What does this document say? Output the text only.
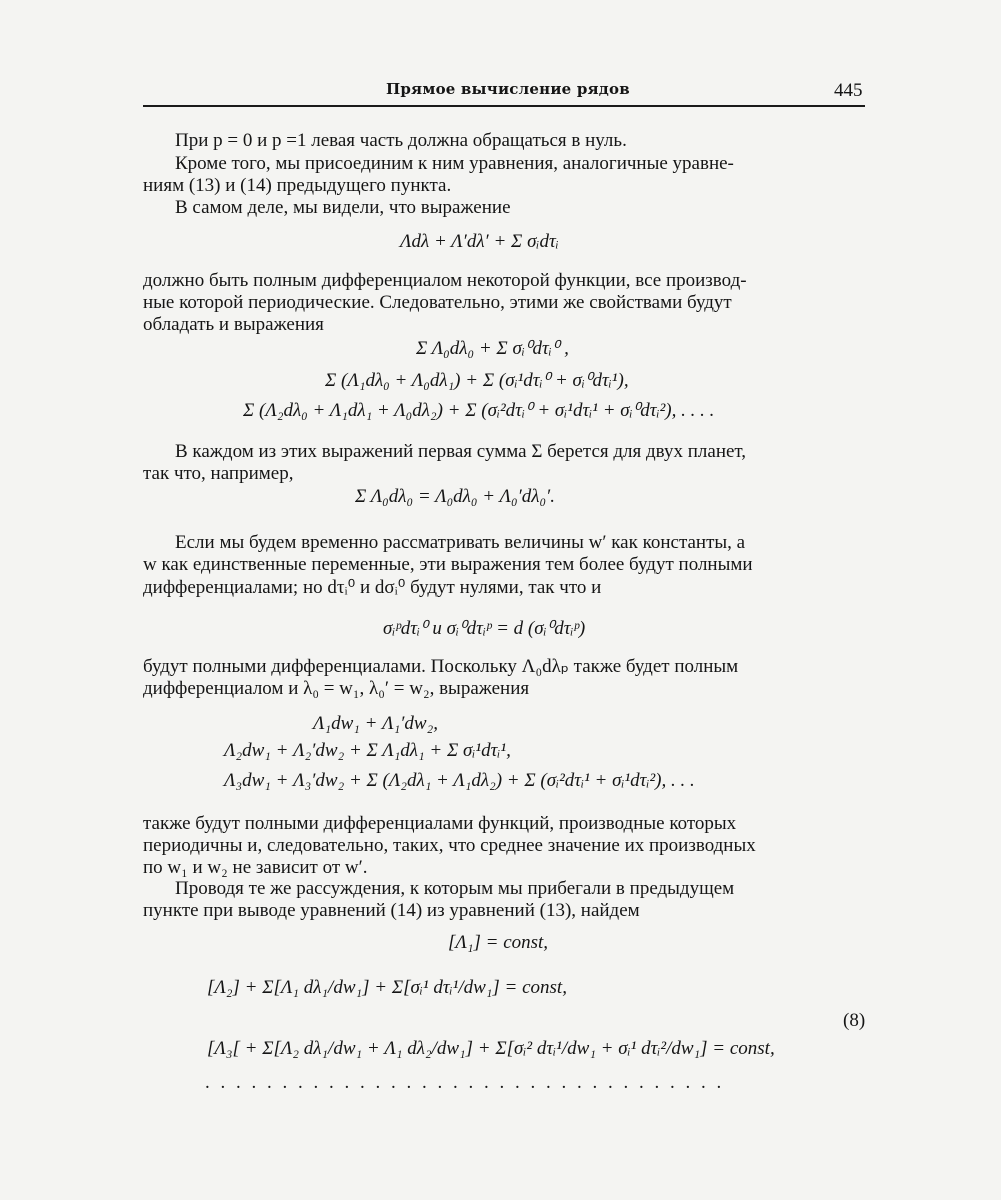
Прямое вычисление рядов	445
При p = 0 и p =1 левая часть должна обращаться в нуль.
Кроме того, мы присоединим к ним уравнения, аналогичные уравне-
ниям (13) и (14) предыдущего пункта.
В самом деле, мы видели, что выражение
Λdλ + Λ′dλ′ + Σ σᵢdτᵢ
должно быть полным дифференциалом некоторой функции, все производ-
ные которой периодические. Следовательно, этими же свойствами будут
обладать и выражения
Σ Λ₀dλ₀ + Σ σᵢ⁰dτᵢ⁰ ,
Σ (Λ₁dλ₀ + Λ₀dλ₁) + Σ (σᵢ¹dτᵢ⁰ + σᵢ⁰dτᵢ¹),
Σ (Λ₂dλ₀ + Λ₁dλ₁ + Λ₀dλ₂) + Σ (σᵢ²dτᵢ⁰ + σᵢ¹dτᵢ¹ + σᵢ⁰dτᵢ²), . . . .
В каждом из этих выражений первая сумма Σ берется для двух планет,
так что, например,
Σ Λ₀dλ₀ = Λ₀dλ₀ + Λ₀′dλ₀′.
Если мы будем временно рассматривать величины w′ как константы, а
w как единственные переменные, эти выражения тем более будут полными
дифференциалами; но dτᵢ⁰ и dσᵢ⁰ будут нулями, так что и
σᵢᵖdτᵢ⁰ и σᵢ⁰dτᵢᵖ = d (σᵢ⁰dτᵢᵖ)
будут полными дифференциалами. Поскольку Λ₀dλₚ также будет полным
дифференциалом и λ₀ = w₁, λ₀′ = w₂, выражения
Λ₁dw₁ + Λ₁′dw₂,
Λ₂dw₁ + Λ₂′dw₂ + Σ Λ₁dλ₁ + Σ σᵢ¹dτᵢ¹,
Λ₃dw₁ + Λ₃′dw₂ + Σ (Λ₂dλ₁ + Λ₁dλ₂) + Σ (σᵢ²dτᵢ¹ + σᵢ¹dτᵢ²), . . .
также будут полными дифференциалами функций, производные которых
периодичны и, следовательно, таких, что среднее значение их производных
по w₁ и w₂ не зависит от w′.
Проводя те же рассуждения, к которым мы прибегали в предыдущем
пункте при выводе уравнений (14) из уравнений (13), найдем
[Λ₁] = const,
[Λ₂] + Σ[Λ₁ dλ₁/dw₁] + Σ[σᵢ¹ dτᵢ¹/dw₁] = const,
[Λ₃[ + Σ[Λ₂ dλ₁/dw₁ + Λ₁ dλ₂/dw₁] + Σ[σᵢ² dτᵢ¹/dw₁ + σᵢ¹ dτᵢ²/dw₁] = const,
(8)
. . . . . . . . . . . . . . . . . . . . . . . . . . . . . . . . . .
